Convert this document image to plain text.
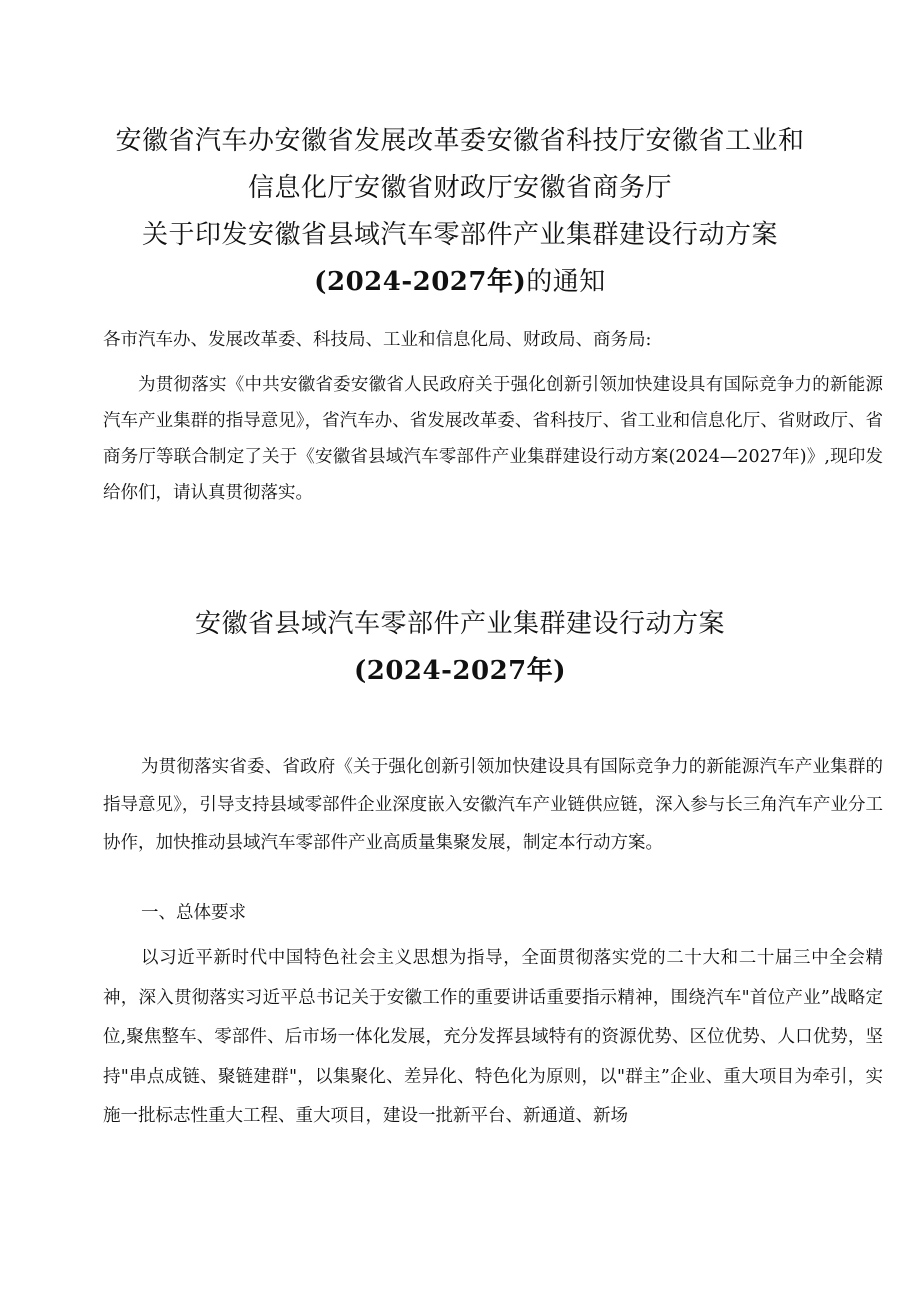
安徽省汽车办安徽省发展改革委安徽省科技厅安徽省工业和
信息化厅安徽省财政厅安徽省商务厅
关于印发安徽省县域汽车零部件产业集群建设行动方案
(2024-2027年)的通知
各市汽车办、发展改革委、科技局、工业和信息化局、财政局、商务局:
为贯彻落实《中共安徽省委安徽省人民政府关于强化创新引领加快建设具有国际竞争力的新能源汽车产业集群的指导意见》，省汽车办、省发展改革委、省科技厅、省工业和信息化厅、省财政厅、省商务厅等联合制定了关于《安徽省县域汽车零部件产业集群建设行动方案(2024—2027年)》,现印发给你们，请认真贯彻落实。
安徽省县域汽车零部件产业集群建设行动方案
(2024-2027年)
为贯彻落实省委、省政府《关于强化创新引领加快建设具有国际竞争力的新能源汽车产业集群的指导意见》，引导支持县域零部件企业深度嵌入安徽汽车产业链供应链，深入参与长三角汽车产业分工协作，加快推动县域汽车零部件产业高质量集聚发展，制定本行动方案。
一、总体要求
以习近平新时代中国特色社会主义思想为指导，全面贯彻落实党的二十大和二十届三中全会精神，深入贯彻落实习近平总书记关于安徽工作的重要讲话重要指示精神，围绕汽车"首位产业”战略定位,聚焦整车、零部件、后市场一体化发展，充分发挥县域特有的资源优势、区位优势、人口优势，坚持"串点成链、聚链建群"，以集聚化、差异化、特色化为原则，以"群主”企业、重大项目为牵引，实施一批标志性重大工程、重大项目，建设一批新平台、新通道、新场
